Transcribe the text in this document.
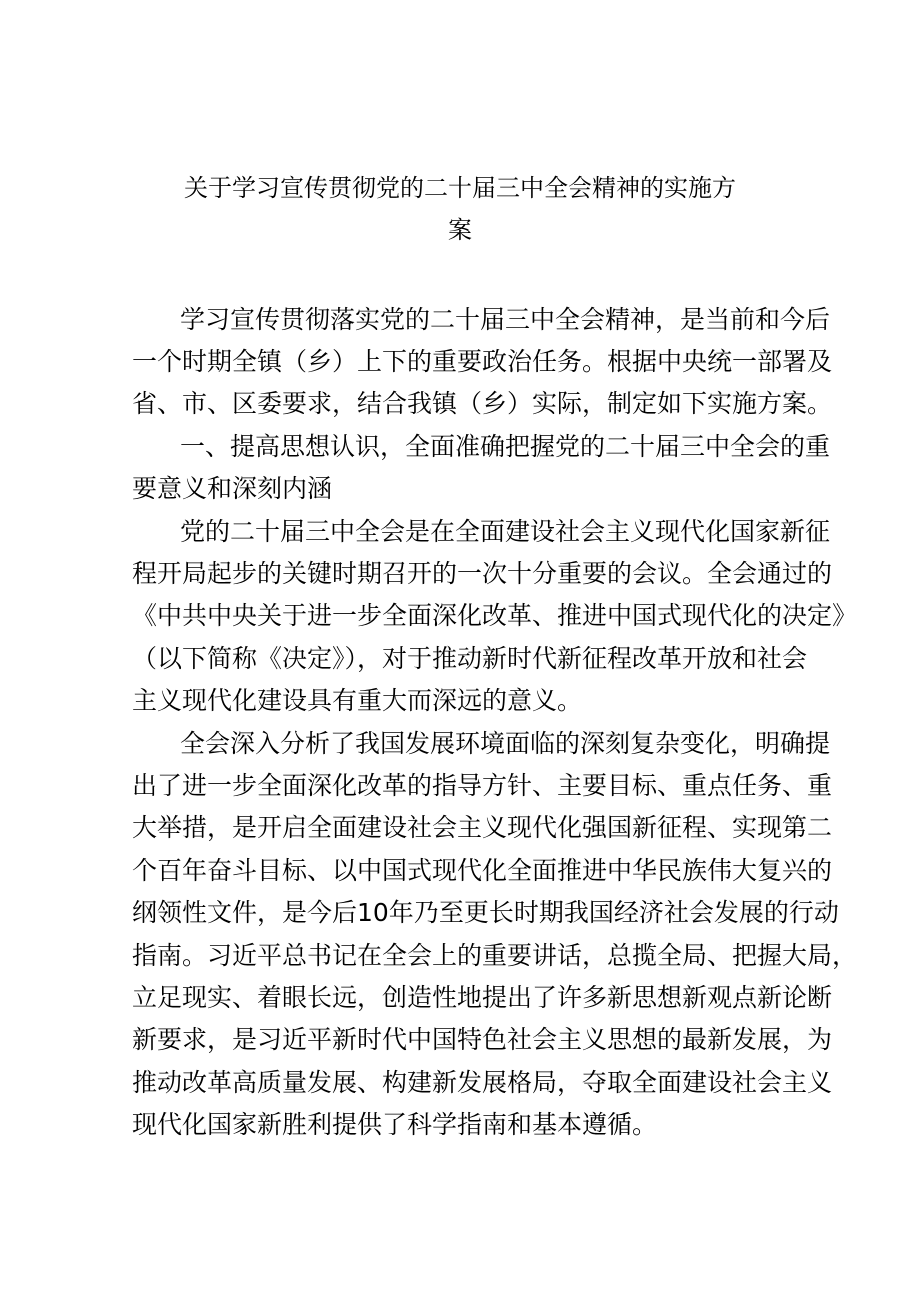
关于学习宣传贯彻党的二十届三中全会精神的实施方
案
学习宣传贯彻落实党的二十届三中全会精神，是当前和今后
一个时期全镇（乡）上下的重要政治任务。根据中央统一部署及
省、市、区委要求，结合我镇（乡）实际，制定如下实施方案。
一、提高思想认识，全面准确把握党的二十届三中全会的重
要意义和深刻内涵
党的二十届三中全会是在全面建设社会主义现代化国家新征
程开局起步的关键时期召开的一次十分重要的会议。全会通过的
《中共中央关于进一步全面深化改革、推进中国式现代化的决定》
（以下简称《决定》），对于推动新时代新征程改革开放和社会
主义现代化建设具有重大而深远的意义。
全会深入分析了我国发展环境面临的深刻复杂变化，明确提
出了进一步全面深化改革的指导方针、主要目标、重点任务、重
大举措，是开启全面建设社会主义现代化强国新征程、实现第二
个百年奋斗目标、以中国式现代化全面推进中华民族伟大复兴的
纲领性文件，是今后10年乃至更长时期我国经济社会发展的行动
指南。习近平总书记在全会上的重要讲话，总揽全局、把握大局，
立足现实、着眼长远，创造性地提出了许多新思想新观点新论断
新要求，是习近平新时代中国特色社会主义思想的最新发展，为
推动改革高质量发展、构建新发展格局，夺取全面建设社会主义
现代化国家新胜利提供了科学指南和基本遵循。
